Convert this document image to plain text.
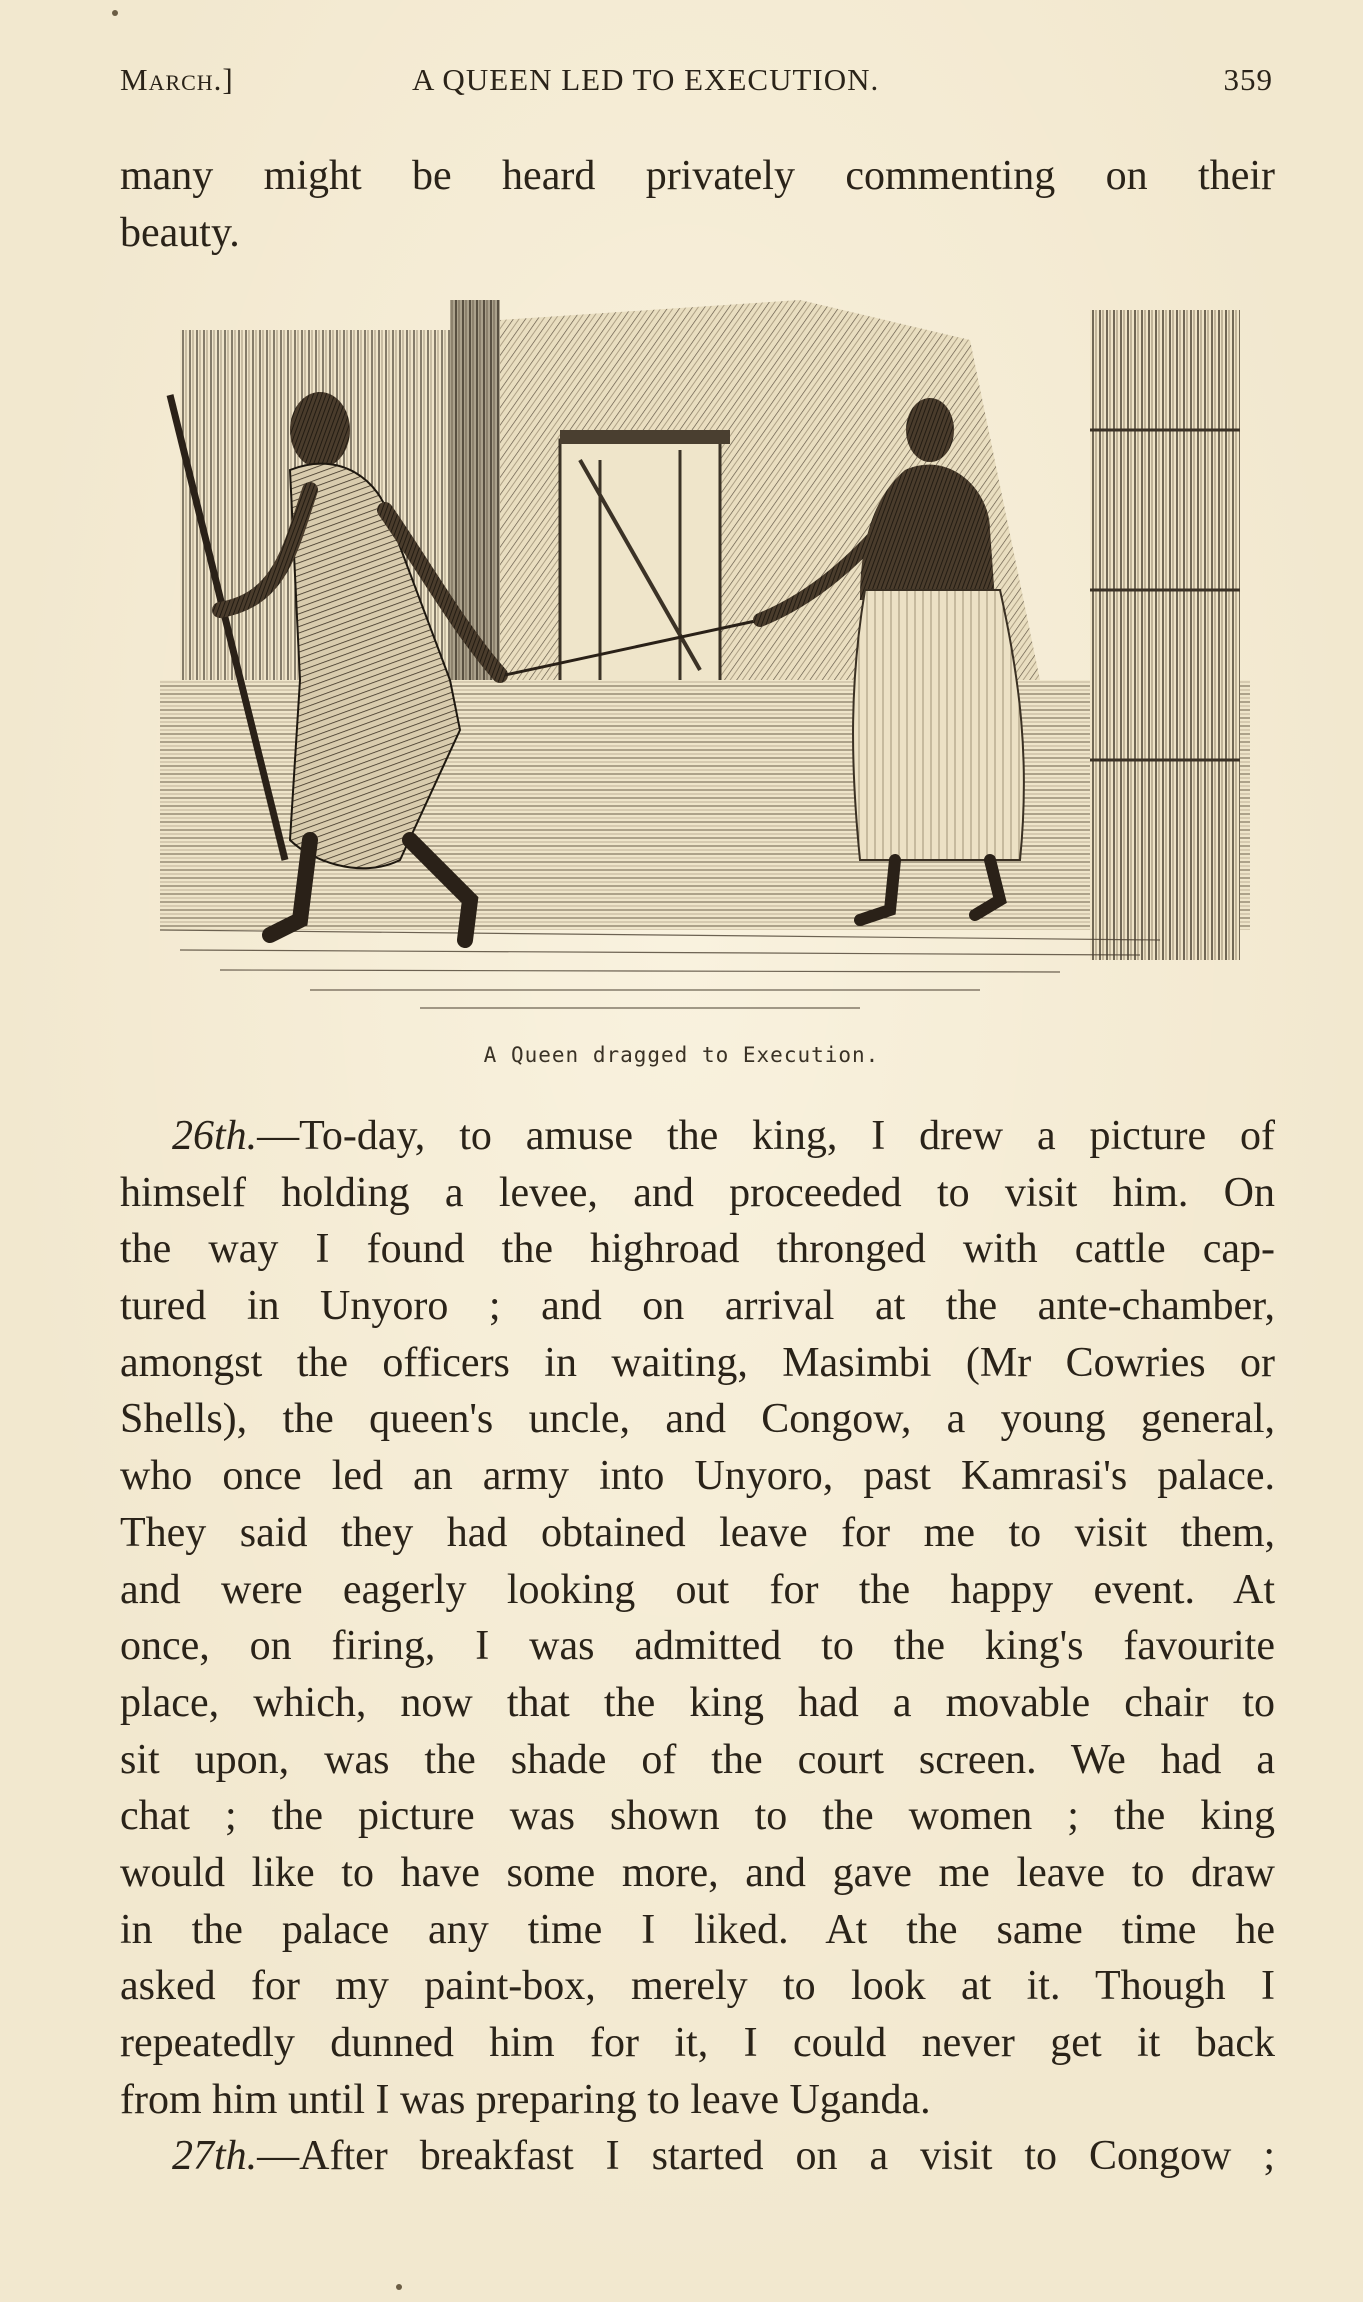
March.]	A QUEEN LED TO EXECUTION.	359

many might be heard privately commenting on their
beauty.

A Queen dragged to Execution.

26th.—To-day, to amuse the king, I drew a picture of
himself holding a levee, and proceeded to visit him. On
the way I found the highroad thronged with cattle cap-
tured in Unyoro ; and on arrival at the ante-chamber,
amongst the officers in waiting, Masimbi (Mr Cowries or
Shells), the queen's uncle, and Congow, a young general,
who once led an army into Unyoro, past Kamrasi's palace.
They said they had obtained leave for me to visit them,
and were eagerly looking out for the happy event. At
once, on firing, I was admitted to the king's favourite
place, which, now that the king had a movable chair to
sit upon, was the shade of the court screen. We had a
chat ; the picture was shown to the women ; the king
would like to have some more, and gave me leave to draw
in the palace any time I liked. At the same time he
asked for my paint-box, merely to look at it. Though I
repeatedly dunned him for it, I could never get it back
from him until I was preparing to leave Uganda.

27th.—After breakfast I started on a visit to Congow ;
